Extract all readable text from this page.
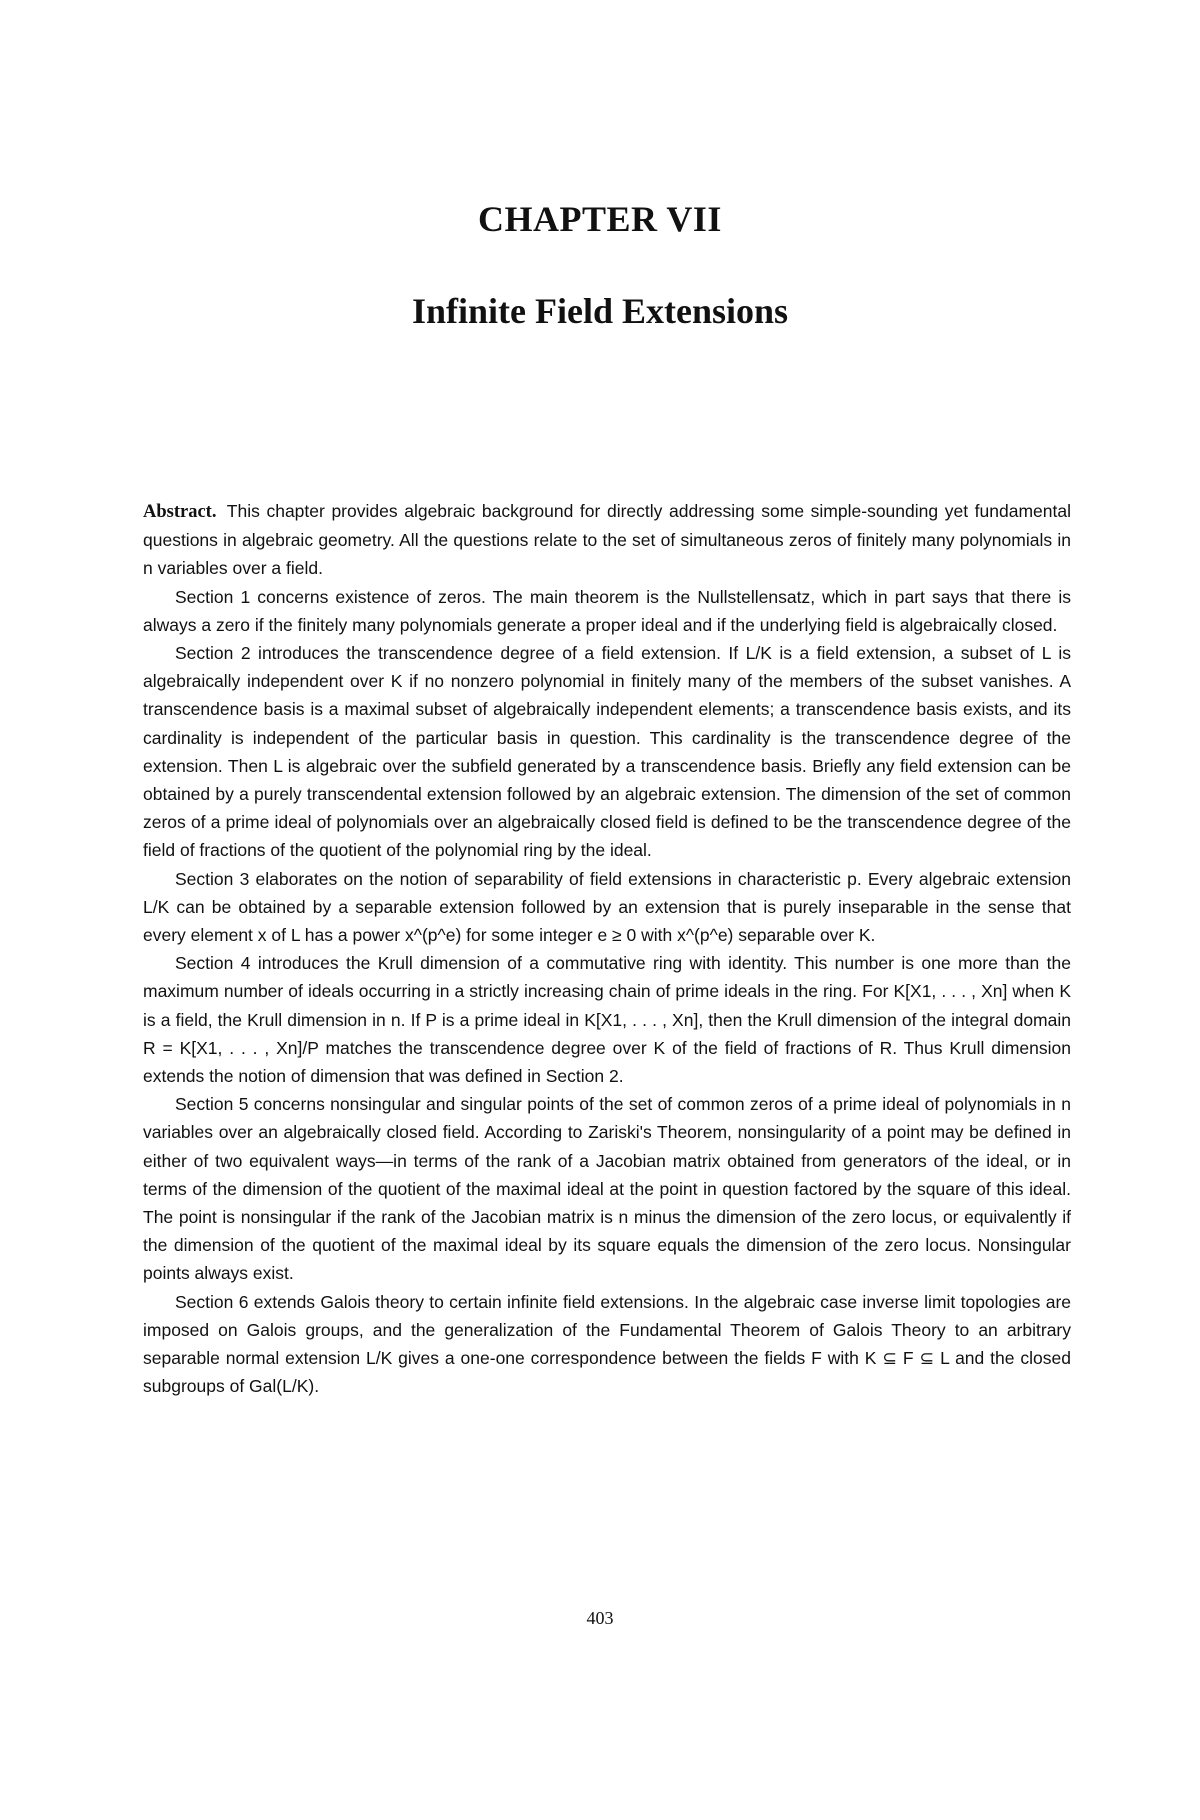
CHAPTER VII
Infinite Field Extensions

Abstract. This chapter provides algebraic background for directly addressing some simple-sounding yet fundamental questions in algebraic geometry. All the questions relate to the set of simultaneous zeros of finitely many polynomials in n variables over a field.

Section 1 concerns existence of zeros. The main theorem is the Nullstellensatz, which in part says that there is always a zero if the finitely many polynomials generate a proper ideal and if the underlying field is algebraically closed.

Section 2 introduces the transcendence degree of a field extension. If L/K is a field extension, a subset of L is algebraically independent over K if no nonzero polynomial in finitely many of the members of the subset vanishes. A transcendence basis is a maximal subset of algebraically independent elements; a transcendence basis exists, and its cardinality is independent of the particular basis in question. This cardinality is the transcendence degree of the extension. Then L is algebraic over the subfield generated by a transcendence basis. Briefly any field extension can be obtained by a purely transcendental extension followed by an algebraic extension. The dimension of the set of common zeros of a prime ideal of polynomials over an algebraically closed field is defined to be the transcendence degree of the field of fractions of the quotient of the polynomial ring by the ideal.

Section 3 elaborates on the notion of separability of field extensions in characteristic p. Every algebraic extension L/K can be obtained by a separable extension followed by an extension that is purely inseparable in the sense that every element x of L has a power x^(p^e) for some integer e ≥ 0 with x^(p^e) separable over K.

Section 4 introduces the Krull dimension of a commutative ring with identity. This number is one more than the maximum number of ideals occurring in a strictly increasing chain of prime ideals in the ring. For K[X1, . . . , Xn] when K is a field, the Krull dimension in n. If P is a prime ideal in K[X1, . . . , Xn], then the Krull dimension of the integral domain R = K[X1, . . . , Xn]/P matches the transcendence degree over K of the field of fractions of R. Thus Krull dimension extends the notion of dimension that was defined in Section 2.

Section 5 concerns nonsingular and singular points of the set of common zeros of a prime ideal of polynomials in n variables over an algebraically closed field. According to Zariski's Theorem, nonsingularity of a point may be defined in either of two equivalent ways—in terms of the rank of a Jacobian matrix obtained from generators of the ideal, or in terms of the dimension of the quotient of the maximal ideal at the point in question factored by the square of this ideal. The point is nonsingular if the rank of the Jacobian matrix is n minus the dimension of the zero locus, or equivalently if the dimension of the quotient of the maximal ideal by its square equals the dimension of the zero locus. Nonsingular points always exist.

Section 6 extends Galois theory to certain infinite field extensions. In the algebraic case inverse limit topologies are imposed on Galois groups, and the generalization of the Fundamental Theorem of Galois Theory to an arbitrary separable normal extension L/K gives a one-one correspondence between the fields F with K ⊆ F ⊆ L and the closed subgroups of Gal(L/K).

403
